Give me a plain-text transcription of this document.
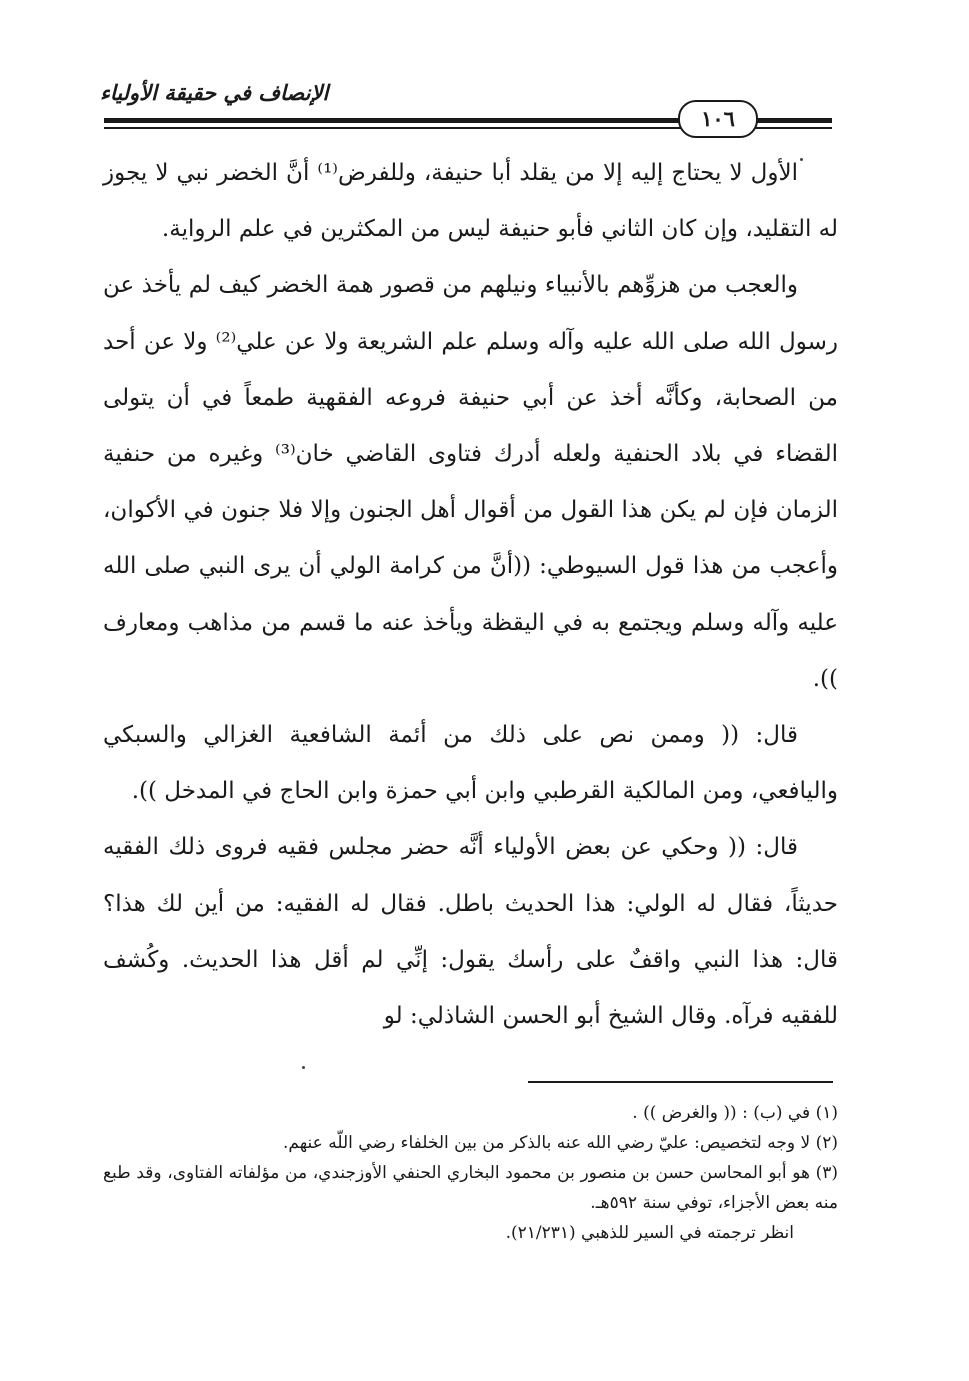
الإنصاف في حقيقة الأولياء
١٠٦

الأول لا يحتاج إليه إلا من يقلد أبا حنيفة، وللفرض⁽¹⁾ أنَّ الخضر نبي لا يجوز له التقليد، وإن كان الثاني فأبو حنيفة ليس من المكثرين في علم الرواية.

والعجب من هزوِّهم بالأنبياء ونيلهم من قصور همة الخضر كيف لم يأخذ عن رسول الله صلى الله عليه وآله وسلم علم الشريعة ولا عن علي⁽²⁾ ولا عن أحد من الصحابة، وكأنَّه أخذ عن أبي حنيفة فروعه الفقهية طمعاً في أن يتولى القضاء في بلاد الحنفية ولعله أدرك فتاوى القاضي خان⁽³⁾ وغيره من حنفية الزمان فإن لم يكن هذا القول من أقوال أهل الجنون وإلا فلا جنون في الأكوان، وأعجب من هذا قول السيوطي: ((أنَّ من كرامة الولي أن يرى النبي صلى الله عليه وآله وسلم ويجتمع به في اليقظة ويأخذ عنه ما قسم من مذاهب ومعارف )).

قال: (( وممن نص على ذلك من أئمة الشافعية الغزالي والسبكي واليافعي، ومن المالكية القرطبي وابن أبي حمزة وابن الحاج في المدخل )).

قال: (( وحكي عن بعض الأولياء أنَّه حضر مجلس فقيه فروى ذلك الفقيه حديثاً، فقال له الولي: هذا الحديث باطل. فقال له الفقيه: من أين لك هذا؟ قال: هذا النبي واقفٌ على رأسك يقول: إنِّي لم أقل هذا الحديث. وكُشف للفقيه فرآه. وقال الشيخ أبو الحسن الشاذلي: لو

(١) في (ب) : (( والغرض )) .

(٢) لا وجه لتخصيص: عليّ رضي الله عنه بالذكر من بين الخلفاء رضي اللّه عنهم.

(٣) هو أبو المحاسن حسن بن منصور بن محمود البخاري الحنفي الأوزجندي، من مؤلفاته الفتاوى، وقد طبع منه بعض الأجزاء، توفي سنة ٥٩٢هـ.

انظر ترجمته في السير للذهبي (٢١/٢٣١).
